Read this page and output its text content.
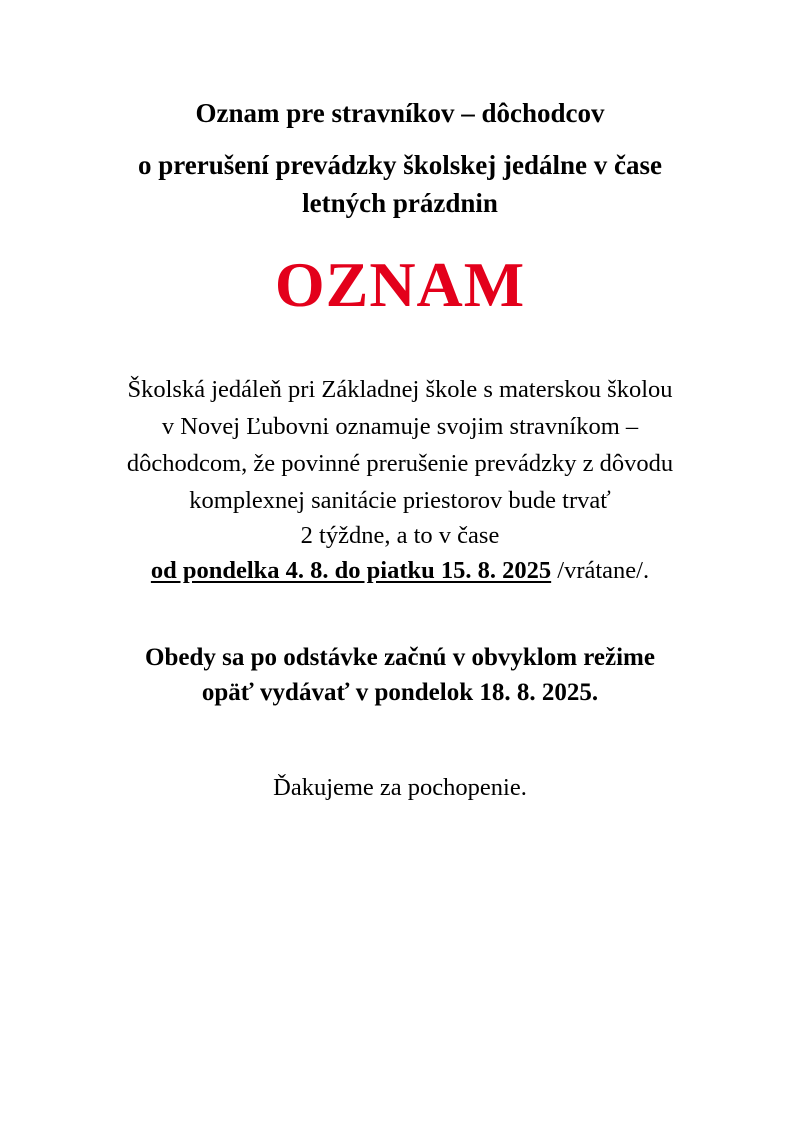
Oznam pre stravníkov – dôchodcov
o prerušení prevádzky školskej jedálne v čase
letných prázdnin
OZNAM
Školská jedáleň pri Základnej škole s materskou školou
v Novej Ľubovni oznamuje svojim stravníkom –
dôchodcom, že povinné prerušenie prevádzky z dôvodu
komplexnej sanitácie priestorov bude trvať
2 týždne, a to v čase
od pondelka 4. 8. do piatku 15. 8. 2025 /vrátane/.
Obedy sa po odstávke začnú v obvyklom režime
opäť vydávať v pondelok 18. 8. 2025.
Ďakujeme za pochopenie.
